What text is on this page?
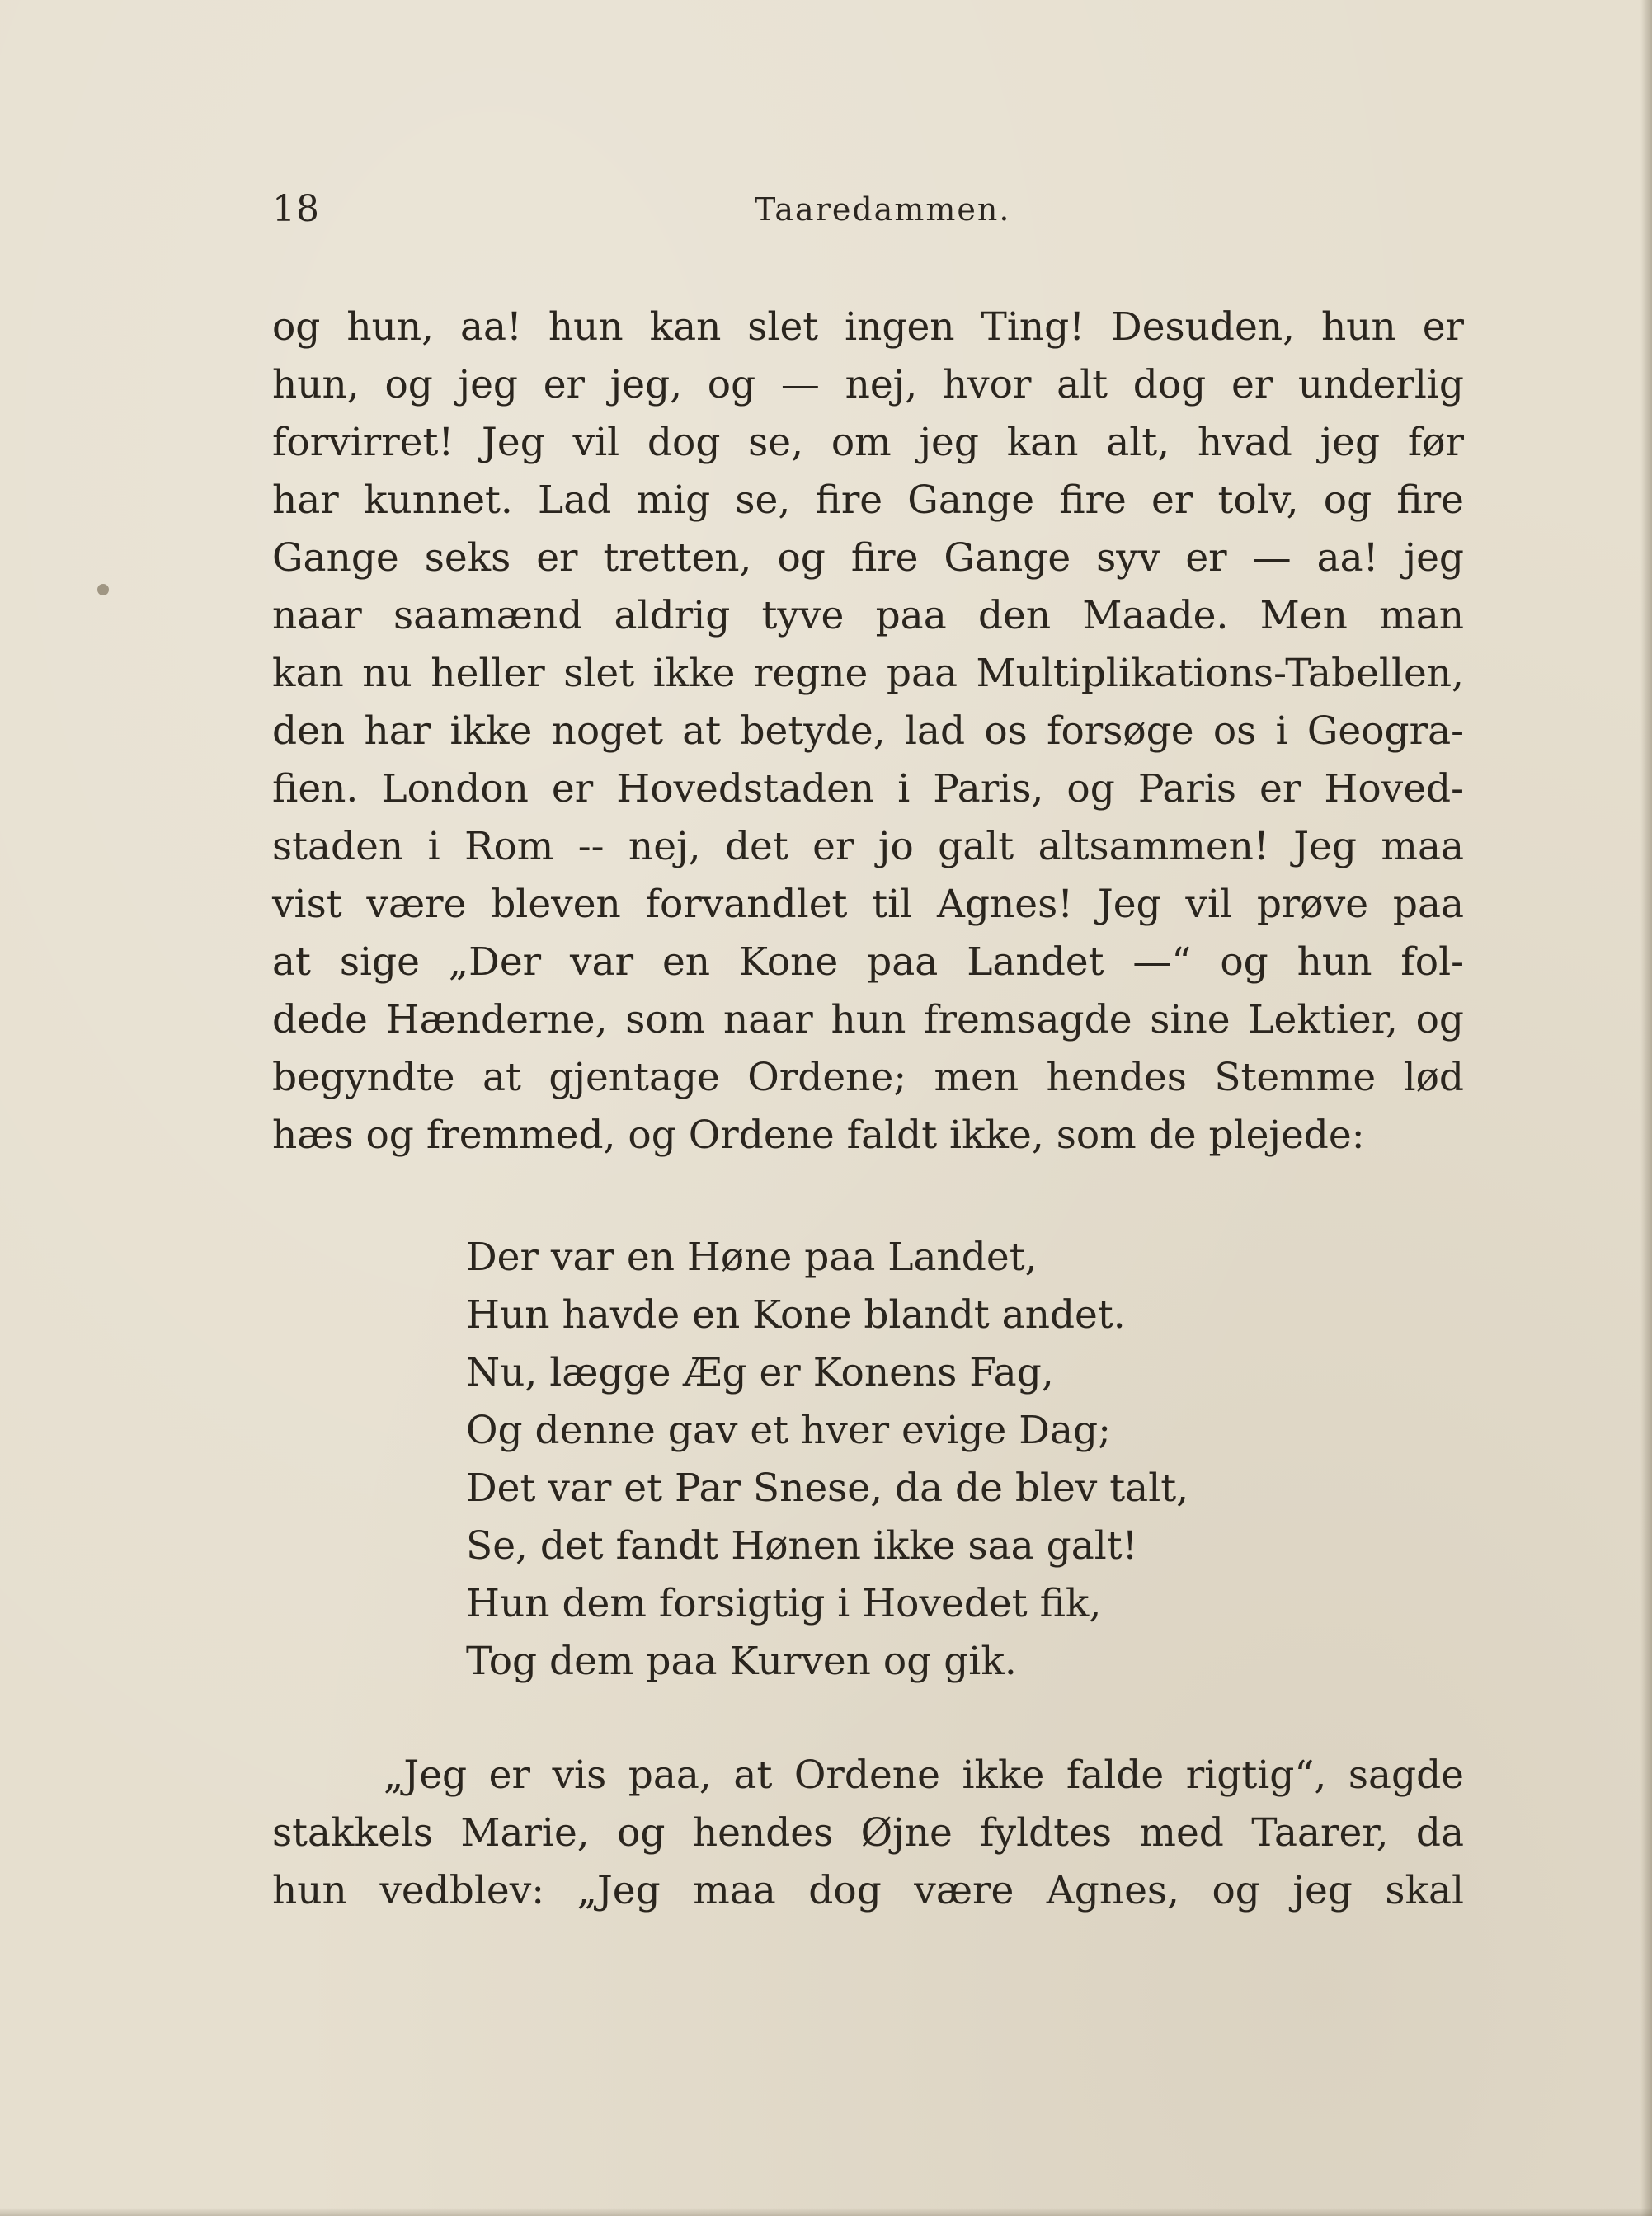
18	Taaredammen.
og hun, aa! hun kan slet ingen Ting! Desuden, hun er
hun, og jeg er jeg, og — nej, hvor alt dog er underlig
forvirret! Jeg vil dog se, om jeg kan alt, hvad jeg før
har kunnet. Lad mig se, fire Gange fire er tolv, og fire
Gange seks er tretten, og fire Gange syv er — aa! jeg
naar saamænd aldrig tyve paa den Maade. Men man
kan nu heller slet ikke regne paa Multiplikations-Tabellen,
den har ikke noget at betyde, lad os forsøge os i Geogra-
fien. London er Hovedstaden i Paris, og Paris er Hoved-
staden i Rom -- nej, det er jo galt altsammen! Jeg maa
vist være bleven forvandlet til Agnes! Jeg vil prøve paa
at sige „Der var en Kone paa Landet —“ og hun fol-
dede Hænderne, som naar hun fremsagde sine Lektier, og
begyndte at gjentage Ordene; men hendes Stemme lød
hæs og fremmed, og Ordene faldt ikke, som de plejede:
Der var en Høne paa Landet,
Hun havde en Kone blandt andet.
Nu, lægge Æg er Konens Fag,
Og denne gav et hver evige Dag;
Det var et Par Snese, da de blev talt,
Se, det fandt Hønen ikke saa galt!
Hun dem forsigtig i Hovedet fik,
Tog dem paa Kurven og gik.
„Jeg er vis paa, at Ordene ikke falde rigtig“, sagde
stakkels Marie, og hendes Øjne fyldtes med Taarer, da
hun vedblev: „Jeg maa dog være Agnes, og jeg skal
